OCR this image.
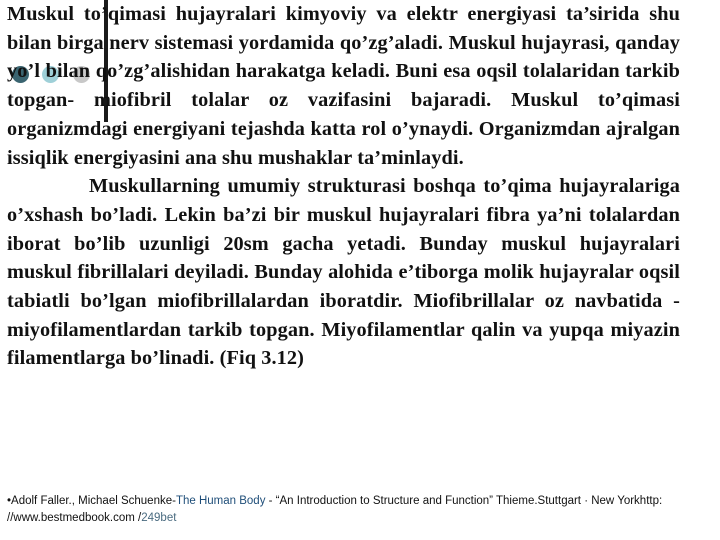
Muskul to’qimasi hujayralari kimyoviy va elektr energiyasi ta’sirida shu bilan birga nerv sistemasi yordamida qo’zg’aladi. Muskul hujayrasi, qanday yo’l bilan qo’zg’alishidan harakatga keladi. Buni esa oqsil tolalaridan tarkib topgan- miofibril tolalar oz vazifasini bajaradi. Muskul to’qimasi organizmdagi energiyani tejashda katta rol o’ynaydi. Organizmdan ajralgan issiqlik energiyasini ana shu mushaklar ta’minlaydi.

Muskullarning umumiy strukturasi boshqa to’qima hujayralariga o’xshash bo’ladi. Lekin ba’zi bir muskul hujayralari fibra ya’ni tolalardan iborat bo’lib uzunligi 20sm gacha yetadi. Bunday muskul hujayralari muskul fibrillalari deyiladi. Bunday alohida e’tiborga molik hujayralar oqsil tabiatli bo’lgan miofibrillalardan iboratdir. Miofibrillalar oz navbatida - miyofilamentlardan tarkib topgan. Miyofilamentlar qalin va yupqa miyazin filamentlarga bo’linadi. (Fiq 3.12)

•Adolf Faller., Michael Schuenke-The Human Body - “An Introduction to Structure and Function” Thieme.Stuttgart · New Yorkhttp: //www.bestmedbook.com /249bet
